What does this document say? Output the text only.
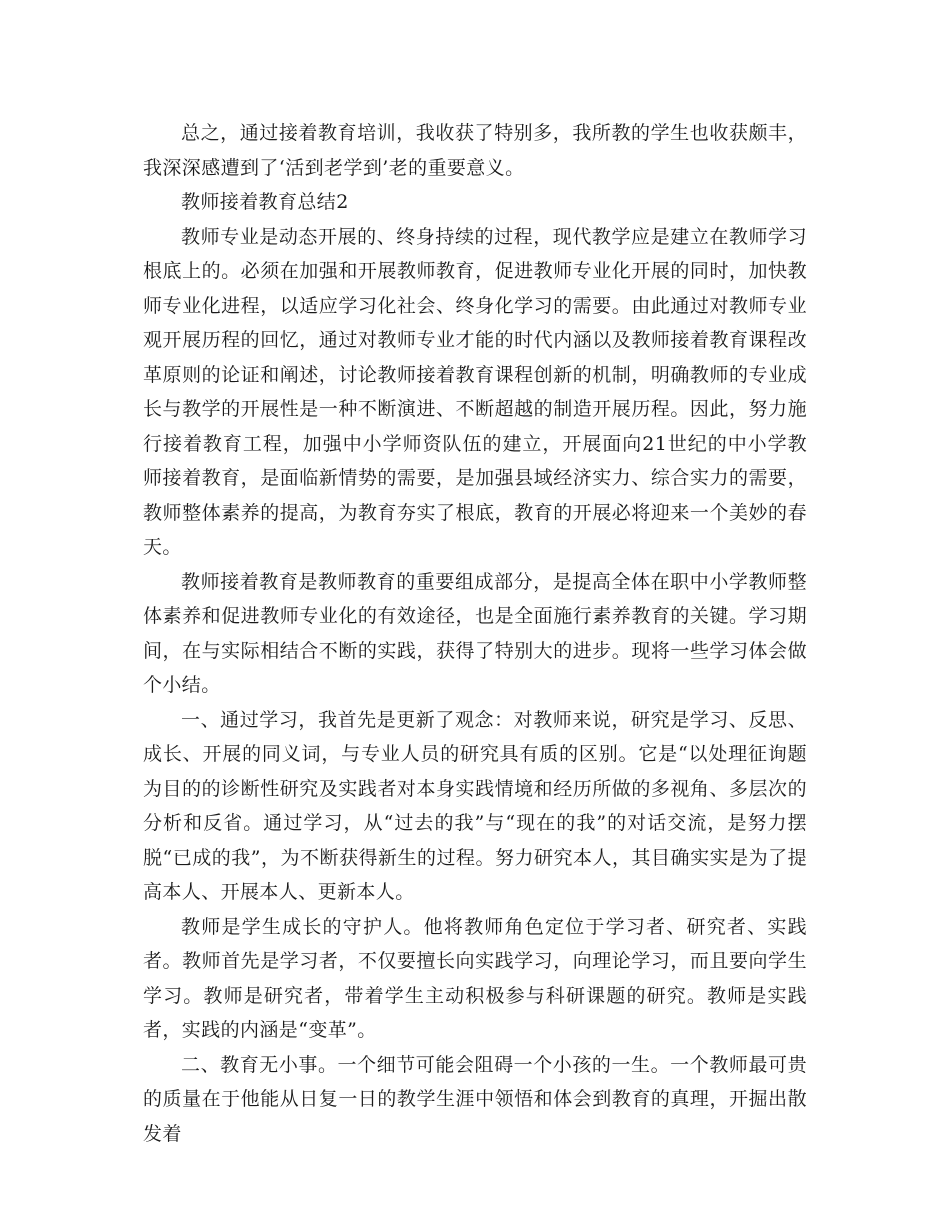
总之，通过接着教育培训，我收获了特别多，我所教的学生也收获颇丰，我深深感遭到了‘活到老学到’老的重要意义。

教师接着教育总结2

教师专业是动态开展的、终身持续的过程，现代教学应是建立在教师学习根底上的。必须在加强和开展教师教育，促进教师专业化开展的同时，加快教师专业化进程，以适应学习化社会、终身化学习的需要。由此通过对教师专业观开展历程的回忆，通过对教师专业才能的时代内涵以及教师接着教育课程改革原则的论证和阐述，讨论教师接着教育课程创新的机制，明确教师的专业成长与教学的开展性是一种不断演进、不断超越的制造开展历程。因此，努力施行接着教育工程，加强中小学师资队伍的建立，开展面向21世纪的中小学教师接着教育，是面临新情势的需要，是加强县域经济实力、综合实力的需要，教师整体素养的提高，为教育夯实了根底，教育的开展必将迎来一个美妙的春天。

教师接着教育是教师教育的重要组成部分，是提高全体在职中小学教师整体素养和促进教师专业化的有效途径，也是全面施行素养教育的关键。学习期间，在与实际相结合不断的实践，获得了特别大的进步。现将一些学习体会做个小结。

一、通过学习，我首先是更新了观念：对教师来说，研究是学习、反思、成长、开展的同义词，与专业人员的研究具有质的区别。它是“以处理征询题为目的的诊断性研究及实践者对本身实践情境和经历所做的多视角、多层次的分析和反省。通过学习，从“过去的我”与“现在的我”的对话交流，是努力摆脱“已成的我”，为不断获得新生的过程。努力研究本人，其目确实实是为了提高本人、开展本人、更新本人。

教师是学生成长的守护人。他将教师角色定位于学习者、研究者、实践者。教师首先是学习者，不仅要擅长向实践学习，向理论学习，而且要向学生学习。教师是研究者，带着学生主动积极参与科研课题的研究。教师是实践者，实践的内涵是“变革”。

二、教育无小事。一个细节可能会阻碍一个小孩的一生。一个教师最可贵的质量在于他能从日复一日的教学生涯中领悟和体会到教育的真理，开掘出散发着
